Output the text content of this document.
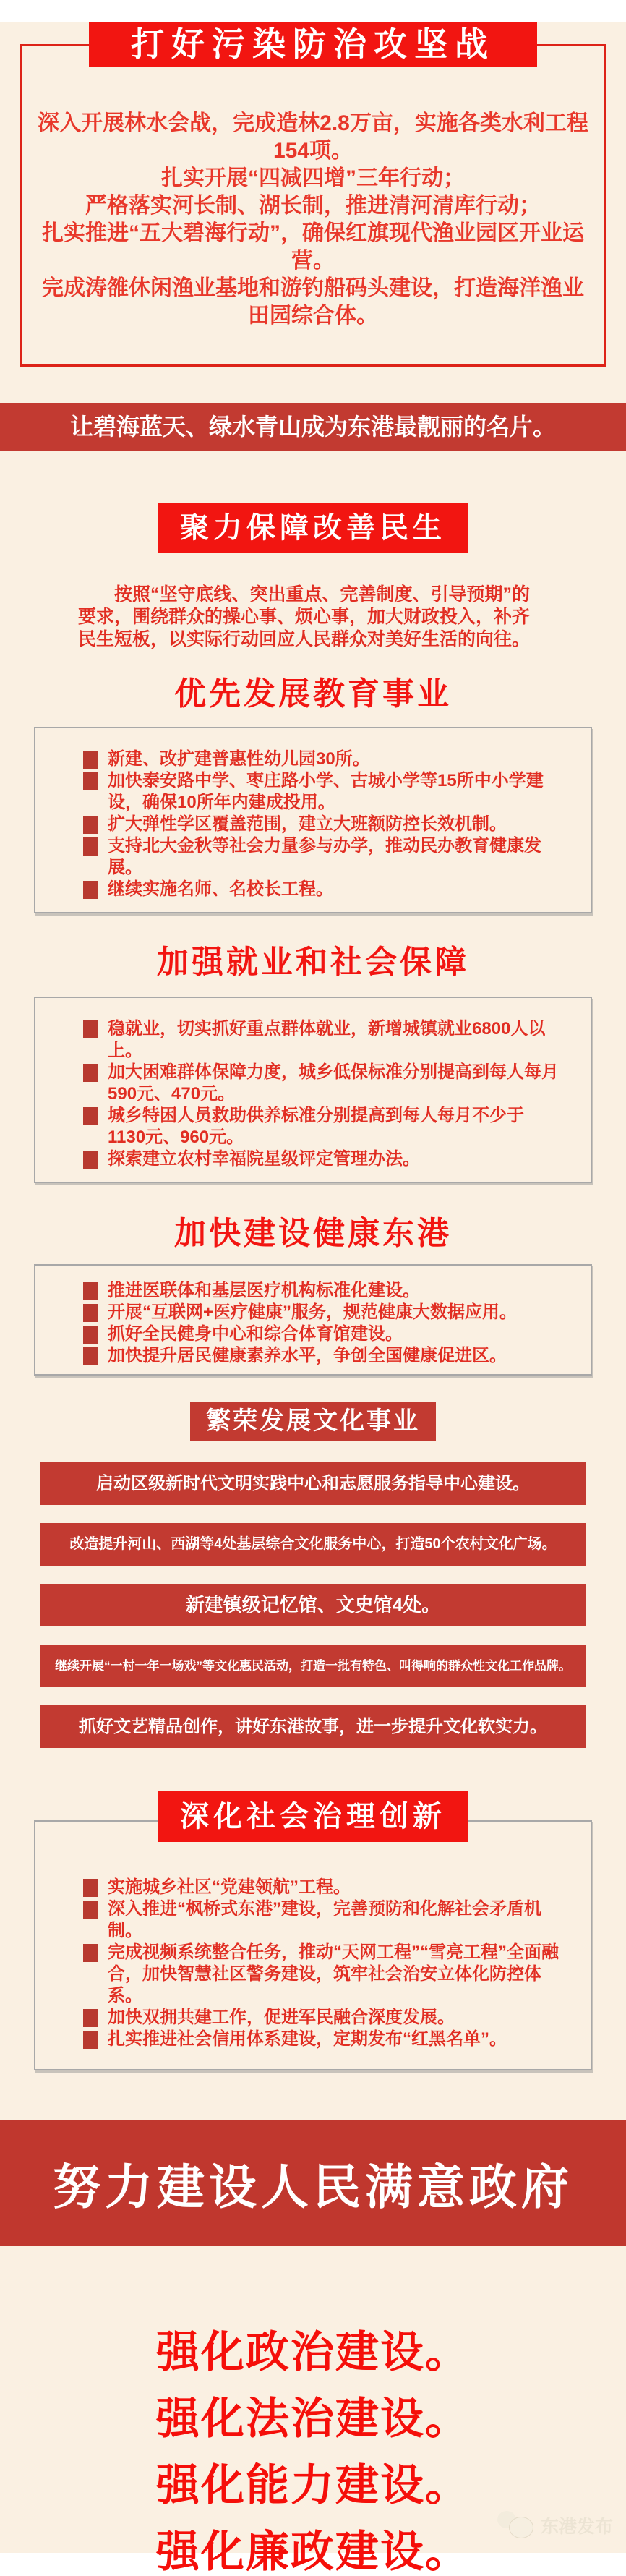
打好污染防治攻坚战

深入开展林水会战，完成造林2.8万亩，实施各类水利工程154项。

扎实开展“四减四增”三年行动；

严格落实河长制、湖长制，推进清河清库行动；

扎实推进“五大碧海行动”，确保红旗现代渔业园区开业运营。

完成涛雒休闲渔业基地和游钓船码头建设，打造海洋渔业田园综合体。

让碧海蓝天、绿水青山成为东港最靓丽的名片。
聚力保障改善民生

按照“坚守底线、突出重点、完善制度、引导预期”的要求，围绕群众的操心事、烦心事，加大财政投入，补齐民生短板，以实际行动回应人民群众对美好生活的向往。

优先发展教育事业
新建、改扩建普惠性幼儿园30所。
加快泰安路中学、枣庄路小学、古城小学等15所中小学建设，确保10所年内建成投用。
扩大弹性学区覆盖范围，建立大班额防控长效机制。
支持北大金秋等社会力量参与办学，推动民办教育健康发展。
继续实施名师、名校长工程。
加强就业和社会保障
稳就业，切实抓好重点群体就业，新增城镇就业6800人以上。
加大困难群体保障力度，城乡低保标准分别提高到每人每月590元、470元。
城乡特困人员救助供养标准分别提高到每人每月不少于1130元、960元。
探索建立农村幸福院星级评定管理办法。
加快建设健康东港
推进医联体和基层医疗机构标准化建设。
开展“互联网+医疗健康”服务，规范健康大数据应用。
抓好全民健身中心和综合体育馆建设。
加快提升居民健康素养水平，争创全国健康促进区。
繁荣发展文化事业
启动区级新时代文明实践中心和志愿服务指导中心建设。
改造提升河山、西湖等4处基层综合文化服务中心，打造50个农村文化广场。
新建镇级记忆馆、文史馆4处。
继续开展“一村一年一场戏”等文化惠民活动，打造一批有特色、叫得响的群众性文化工作品牌。
抓好文艺精品创作，讲好东港故事，进一步提升文化软实力。
深化社会治理创新
实施城乡社区“党建领航”工程。
深入推进“枫桥式东港”建设，完善预防和化解社会矛盾机制。
完成视频系统整合任务，推动“天网工程”“雪亮工程”全面融合，加快智慧社区警务建设，筑牢社会治安立体化防控体系。
加快双拥共建工作，促进军民融合深度发展。
扎实推进社会信用体系建设，定期发布“红黑名单”。
努力建设人民满意政府
强化政治建设。
强化法治建设。
强化能力建设。
强化廉政建设。
东港发布
